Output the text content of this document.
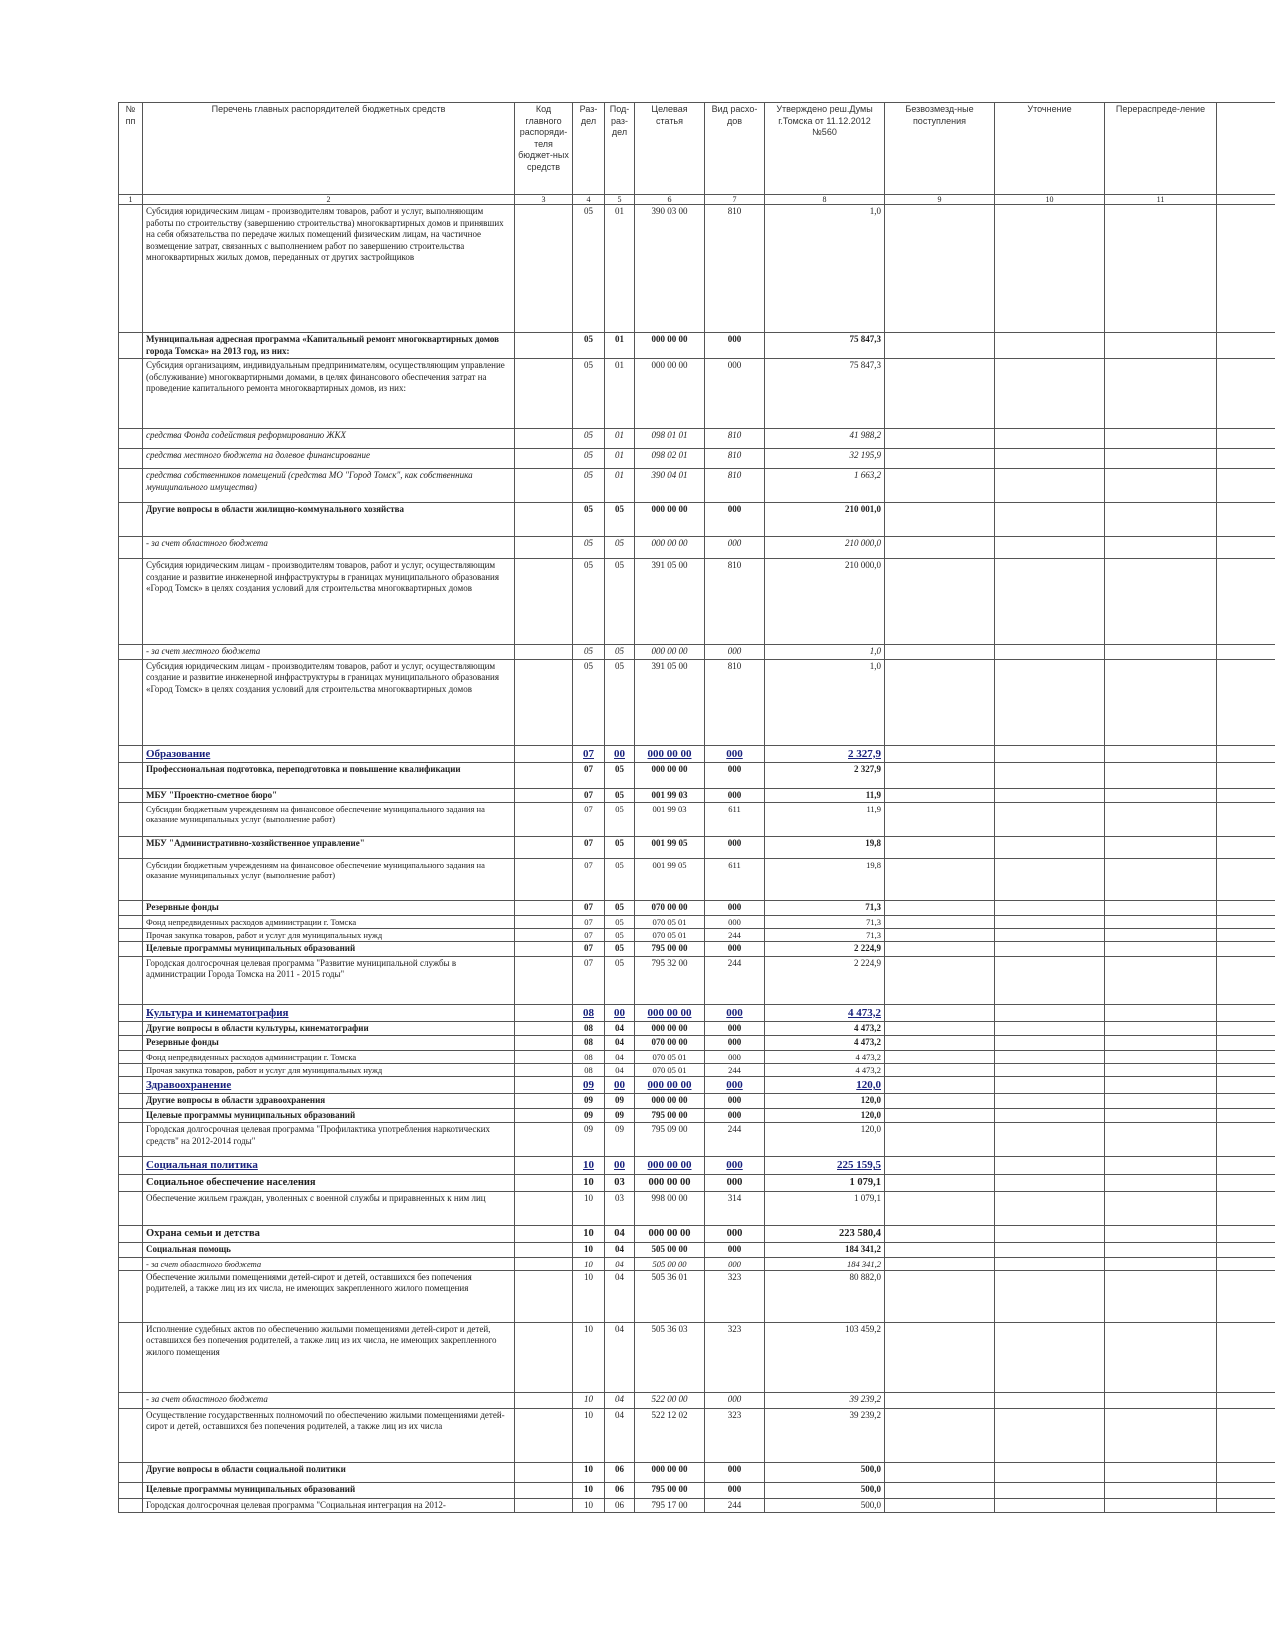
№ пп	Перечень главных распорядителей бюджетных средств	Код главного распоряди-теля бюджет-ных средств	Раз-дел	Под-раз-дел	Целевая статья	Вид расхо-дов	Утверждено реш.Думы г.Томска от 11.12.2012 №560	Безвозмезд-ные поступления	Уточнение	Перераспреде-ление	
1	2	3	4	5	6	7	8	9	10	11	
	Субсидия юридическим лицам - производителям товаров, работ и услуг, выполняющим работы по строительству (завершению строительства) многоквартирных домов и принявших на себя обязательства по передаче жилых помещений физическим лицам, на частичное возмещение затрат, связанных с выполнением работ по завершению строительства многоквартирных жилых домов, переданных от других застройщиков		05	01	390 03 00	810	1,0				
	Муниципальная адресная программа «Капитальный ремонт многоквартирных домов города Томска» на 2013 год, из них:		05	01	000 00 00	000	75 847,3				
	Субсидия организациям, индивидуальным предпринимателям, осуществляющим управление (обслуживание) многоквартирными домами, в целях финансового обеспечения затрат на проведение капитального ремонта многоквартирных домов, из них:		05	01	000 00 00	000	75 847,3				
	средства Фонда содействия реформированию ЖКХ		05	01	098 01 01	810	41 988,2				
	средства местного бюджета на долевое финансирование		05	01	098 02 01	810	32 195,9				
	средства собственников помещений (средства МО "Город Томск", как собственника муниципального имущества)		05	01	390 04 01	810	1 663,2				
	Другие вопросы в области жилищно-коммунального хозяйства		05	05	000 00 00	000	210 001,0				
	- за счет областного бюджета		05	05	000 00 00	000	210 000,0				
	Субсидия юридическим лицам - производителям товаров, работ и услуг, осуществляющим создание и развитие инженерной инфраструктуры в границах муниципального образования «Город Томск» в целях создания условий для строительства многоквартирных домов		05	05	391 05 00	810	210 000,0				
	- за счет местного бюджета		05	05	000 00 00	000	1,0				
	Субсидия юридическим лицам - производителям товаров, работ и услуг, осуществляющим создание и развитие инженерной инфраструктуры в границах муниципального образования «Город Томск» в целях создания условий для строительства многоквартирных домов		05	05	391 05 00	810	1,0				
	Образование		07	00	000 00 00	000	2 327,9				
	Профессиональная подготовка, переподготовка и повышение квалификации		07	05	000 00 00	000	2 327,9				
	МБУ "Проектно-сметное бюро"		07	05	001 99 03	000	11,9				
	Субсидии бюджетным учреждениям на финансовое обеспечение муниципального задания на оказание муниципальных услуг (выполнение работ)		07	05	001 99 03	611	11,9				
	МБУ "Административно-хозяйственное управление"		07	05	001 99 05	000	19,8				
	Субсидии бюджетным учреждениям на финансовое обеспечение муниципального задания на оказание муниципальных услуг (выполнение работ)		07	05	001 99 05	611	19,8				
	Резервные фонды		07	05	070 00 00	000	71,3				
	Фонд непредвиденных расходов администрации г. Томска		07	05	070 05 01	000	71,3				
	Прочая закупка товаров, работ и услуг для муниципальных нужд		07	05	070 05 01	244	71,3				
	Целевые программы муниципальных образований		07	05	795 00 00	000	2 224,9				
	Городская долгосрочная целевая программа "Развитие муниципальной службы в администрации Города Томска на 2011 - 2015 годы"		07	05	795 32 00	244	2 224,9				
	Культура и кинематография		08	00	000 00 00	000	4 473,2				
	Другие вопросы в области культуры, кинематографии		08	04	000 00 00	000	4 473,2				
	Резервные фонды		08	04	070 00 00	000	4 473,2				
	Фонд непредвиденных расходов администрации г. Томска		08	04	070 05 01	000	4 473,2				
	Прочая закупка товаров, работ и услуг для муниципальных нужд		08	04	070 05 01	244	4 473,2				
	Здравоохранение		09	00	000 00 00	000	120,0				
	Другие вопросы в области здравоохранения		09	09	000 00 00	000	120,0				
	Целевые программы муниципальных образований		09	09	795 00 00	000	120,0				
	Городская долгосрочная целевая программа "Профилактика употребления наркотических средств" на 2012-2014 годы"		09	09	795 09 00	244	120,0				
	Социальная политика		10	00	000 00 00	000	225 159,5				
	Социальное обеспечение населения		10	03	000 00 00	000	1 079,1				
	Обеспечение жильем граждан, уволенных с военной службы и приравненных к ним лиц		10	03	998 00 00	314	1 079,1				
	Охрана семьи и детства		10	04	000 00 00	000	223 580,4				
	Социальная помощь		10	04	505 00 00	000	184 341,2				
	- за счет областного бюджета		10	04	505 00 00	000	184 341,2				
	Обеспечение жилыми помещениями детей-сирот и детей, оставшихся без попечения родителей, а также лиц из их числа, не имеющих закрепленного жилого помещения		10	04	505 36 01	323	80 882,0				
	Исполнение судебных актов по обеспечению жилыми помещениями детей-сирот и детей, оставшихся без попечения родителей, а также лиц из их числа, не имеющих закрепленного жилого помещения		10	04	505 36 03	323	103 459,2				
	- за счет областного бюджета		10	04	522 00 00	000	39 239,2				
	Осуществление государственных полномочий по обеспечению жилыми помещениями детей-сирот и детей, оставшихся без попечения родителей, а также лиц из их числа		10	04	522 12 02	323	39 239,2				
	Другие вопросы в области социальной политики		10	06	000 00 00	000	500,0				
	Целевые программы муниципальных образований		10	06	795 00 00	000	500,0				
	Городская долгосрочная целевая программа "Социальная интеграция на 2012-		10	06	795 17 00	244	500,0				
